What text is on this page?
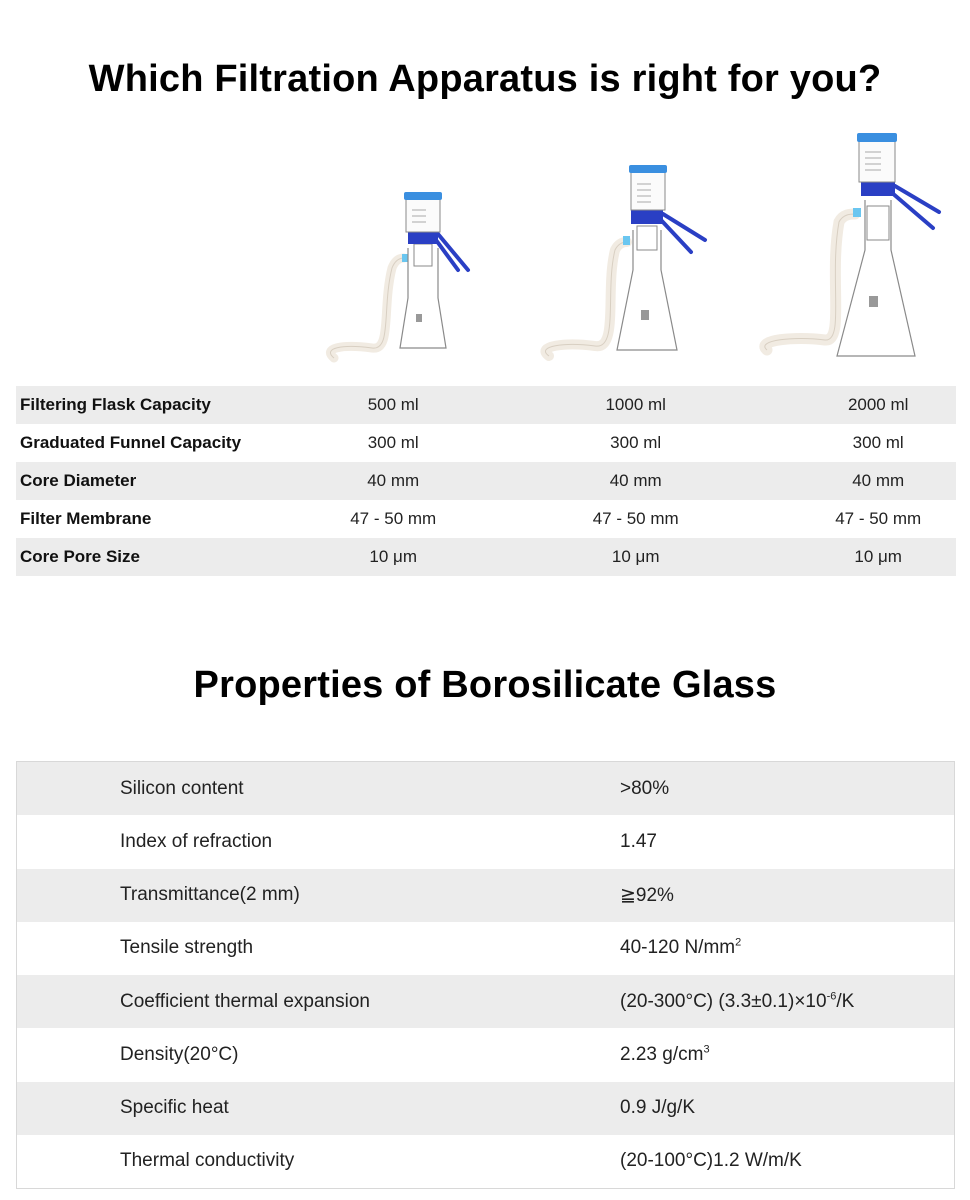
Which Filtration Apparatus is right for you?
Filtering Flask Capacity	500 ml	1000 ml	2000 ml
Graduated Funnel Capacity	300 ml	300 ml	300 ml
Core Diameter	40 mm	40 mm	40 mm
Filter Membrane	47 - 50 mm	47 - 50 mm	47 - 50 mm
Core Pore Size	10 μm	10 μm	10 μm
Properties of Borosilicate Glass
Silicon content	>80%
Index of refraction	1.47
Transmittance(2 mm)	≧92%
Tensile strength	40-120 $N/mm^2$
Coefficient thermal expansion	(20-300°C) $(3.3\pm 0.1)\times 10^{-6}/K$
Density(20°C)	2.23 $g/cm^3$
Specific heat	0.9 J/g/K
Thermal conductivity	(20-100°C)1.2 W/m/K
